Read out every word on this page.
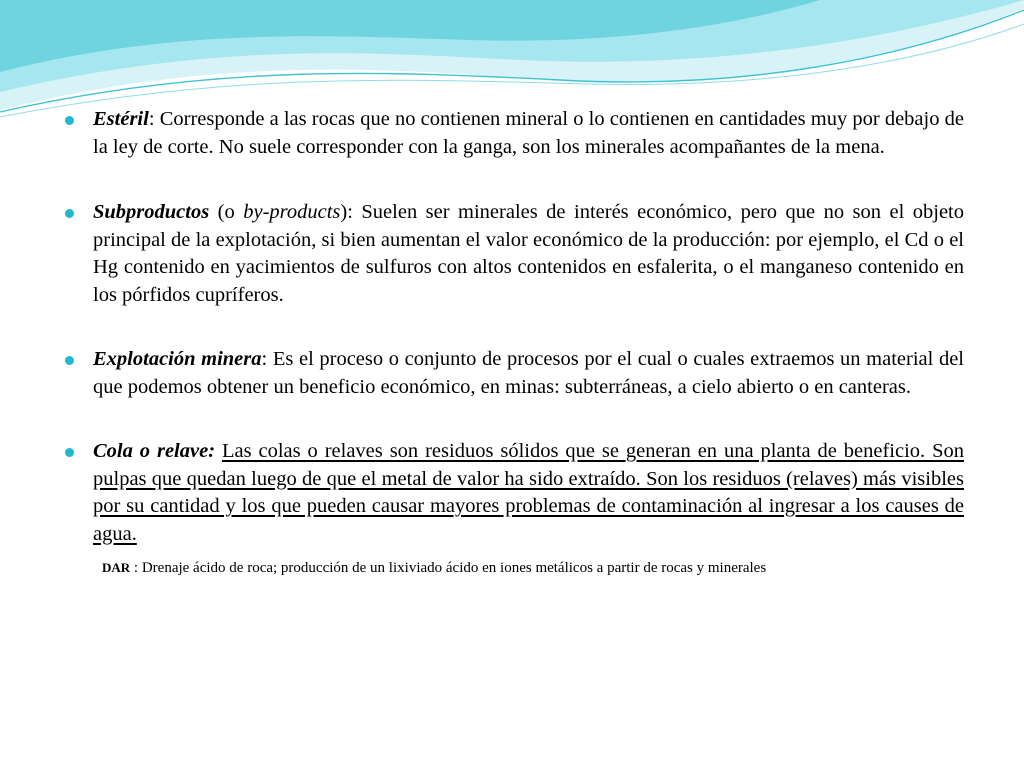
Estéril: Corresponde a las rocas que no contienen mineral o lo contienen en cantidades muy por debajo de la ley de corte. No suele corresponder con la ganga, son los minerales acompañantes de la mena.

Subproductos (o by-products): Suelen ser minerales de interés económico, pero que no son el objeto principal de la explotación, si bien aumentan el valor económico de la producción: por ejemplo, el Cd o el Hg contenido en yacimientos de sulfuros con altos contenidos en esfalerita, o el manganeso contenido en los pórfidos cupríferos.

Explotación minera: Es el proceso o conjunto de procesos por el cual o cuales extraemos un material del que podemos obtener un beneficio económico, en minas: subterráneas, a cielo abierto o en canteras.

Cola o relave: Las colas o relaves son residuos sólidos que se generan en una planta de beneficio. Son pulpas que quedan luego de que el metal de valor ha sido extraído. Son los residuos (relaves) más visibles por su cantidad y los que pueden causar mayores problemas de contaminación al ingresar a los causes de agua.

DAR : Drenaje ácido de roca; producción de un lixiviado ácido en iones metálicos a partir de rocas y minerales
